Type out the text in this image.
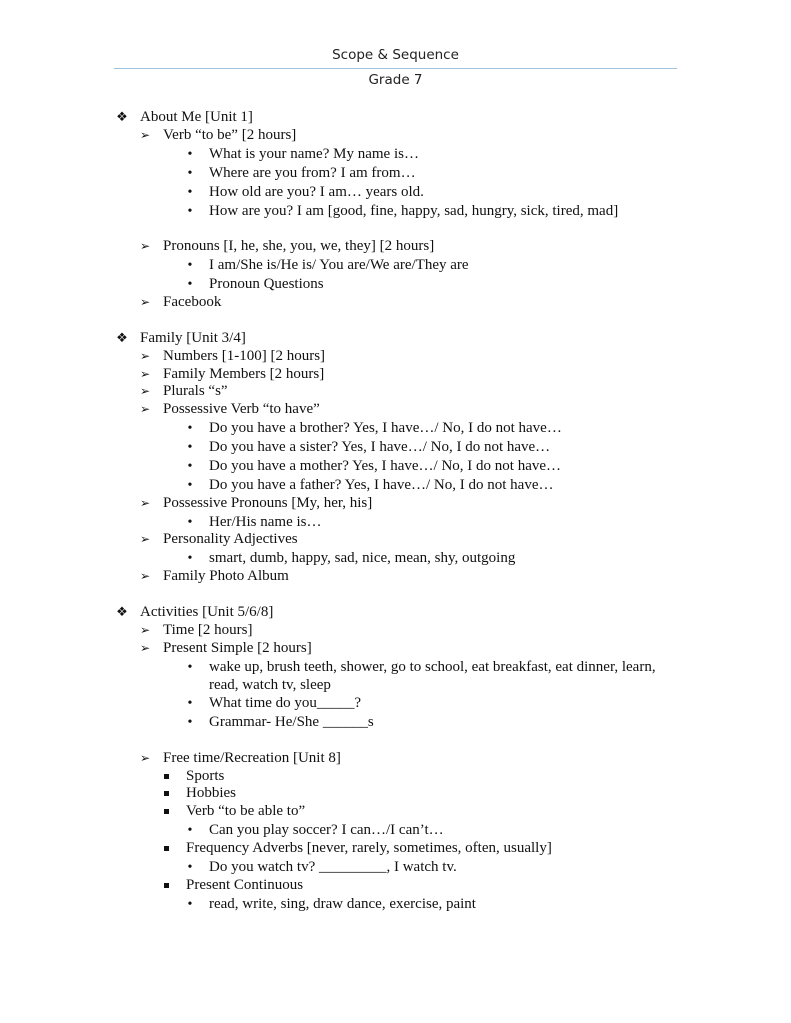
Scope & Sequence
Grade 7
❖ About Me [Unit 1]
➢ Verb “to be” [2 hours]
• What is your name? My name is…
• Where are you from? I am from…
• How old are you? I am… years old.
• How are you? I am [good, fine, happy, sad, hungry, sick, tired, mad]
➢ Pronouns [I, he, she, you, we, they] [2 hours]
• I am/She is/He is/ You are/We are/They are
• Pronoun Questions
➢ Facebook
❖ Family [Unit 3/4]
➢ Numbers [1-100] [2 hours]
➢ Family Members [2 hours]
➢ Plurals “s”
➢ Possessive Verb “to have”
• Do you have a brother? Yes, I have…/ No, I do not have…
• Do you have a sister? Yes, I have…/ No, I do not have…
• Do you have a mother? Yes, I have…/ No, I do not have…
• Do you have a father? Yes, I have…/ No, I do not have…
➢ Possessive Pronouns [My, her, his]
• Her/His name is…
➢ Personality Adjectives
• smart, dumb, happy, sad, nice, mean, shy, outgoing
➢ Family Photo Album
❖ Activities [Unit 5/6/8]
➢ Time [2 hours]
➢ Present Simple [2 hours]
• wake up, brush teeth, shower, go to school, eat breakfast, eat dinner, learn,
read, watch tv, sleep
• What time do you_____?
• Grammar- He/She ______s
➢ Free time/Recreation [Unit 8]
Sports
Hobbies
Verb “to be able to”
• Can you play soccer? I can…/I can’t…
Frequency Adverbs [never, rarely, sometimes, often, usually]
• Do you watch tv? _________, I watch tv.
Present Continuous
• read, write, sing, draw dance, exercise, paint
